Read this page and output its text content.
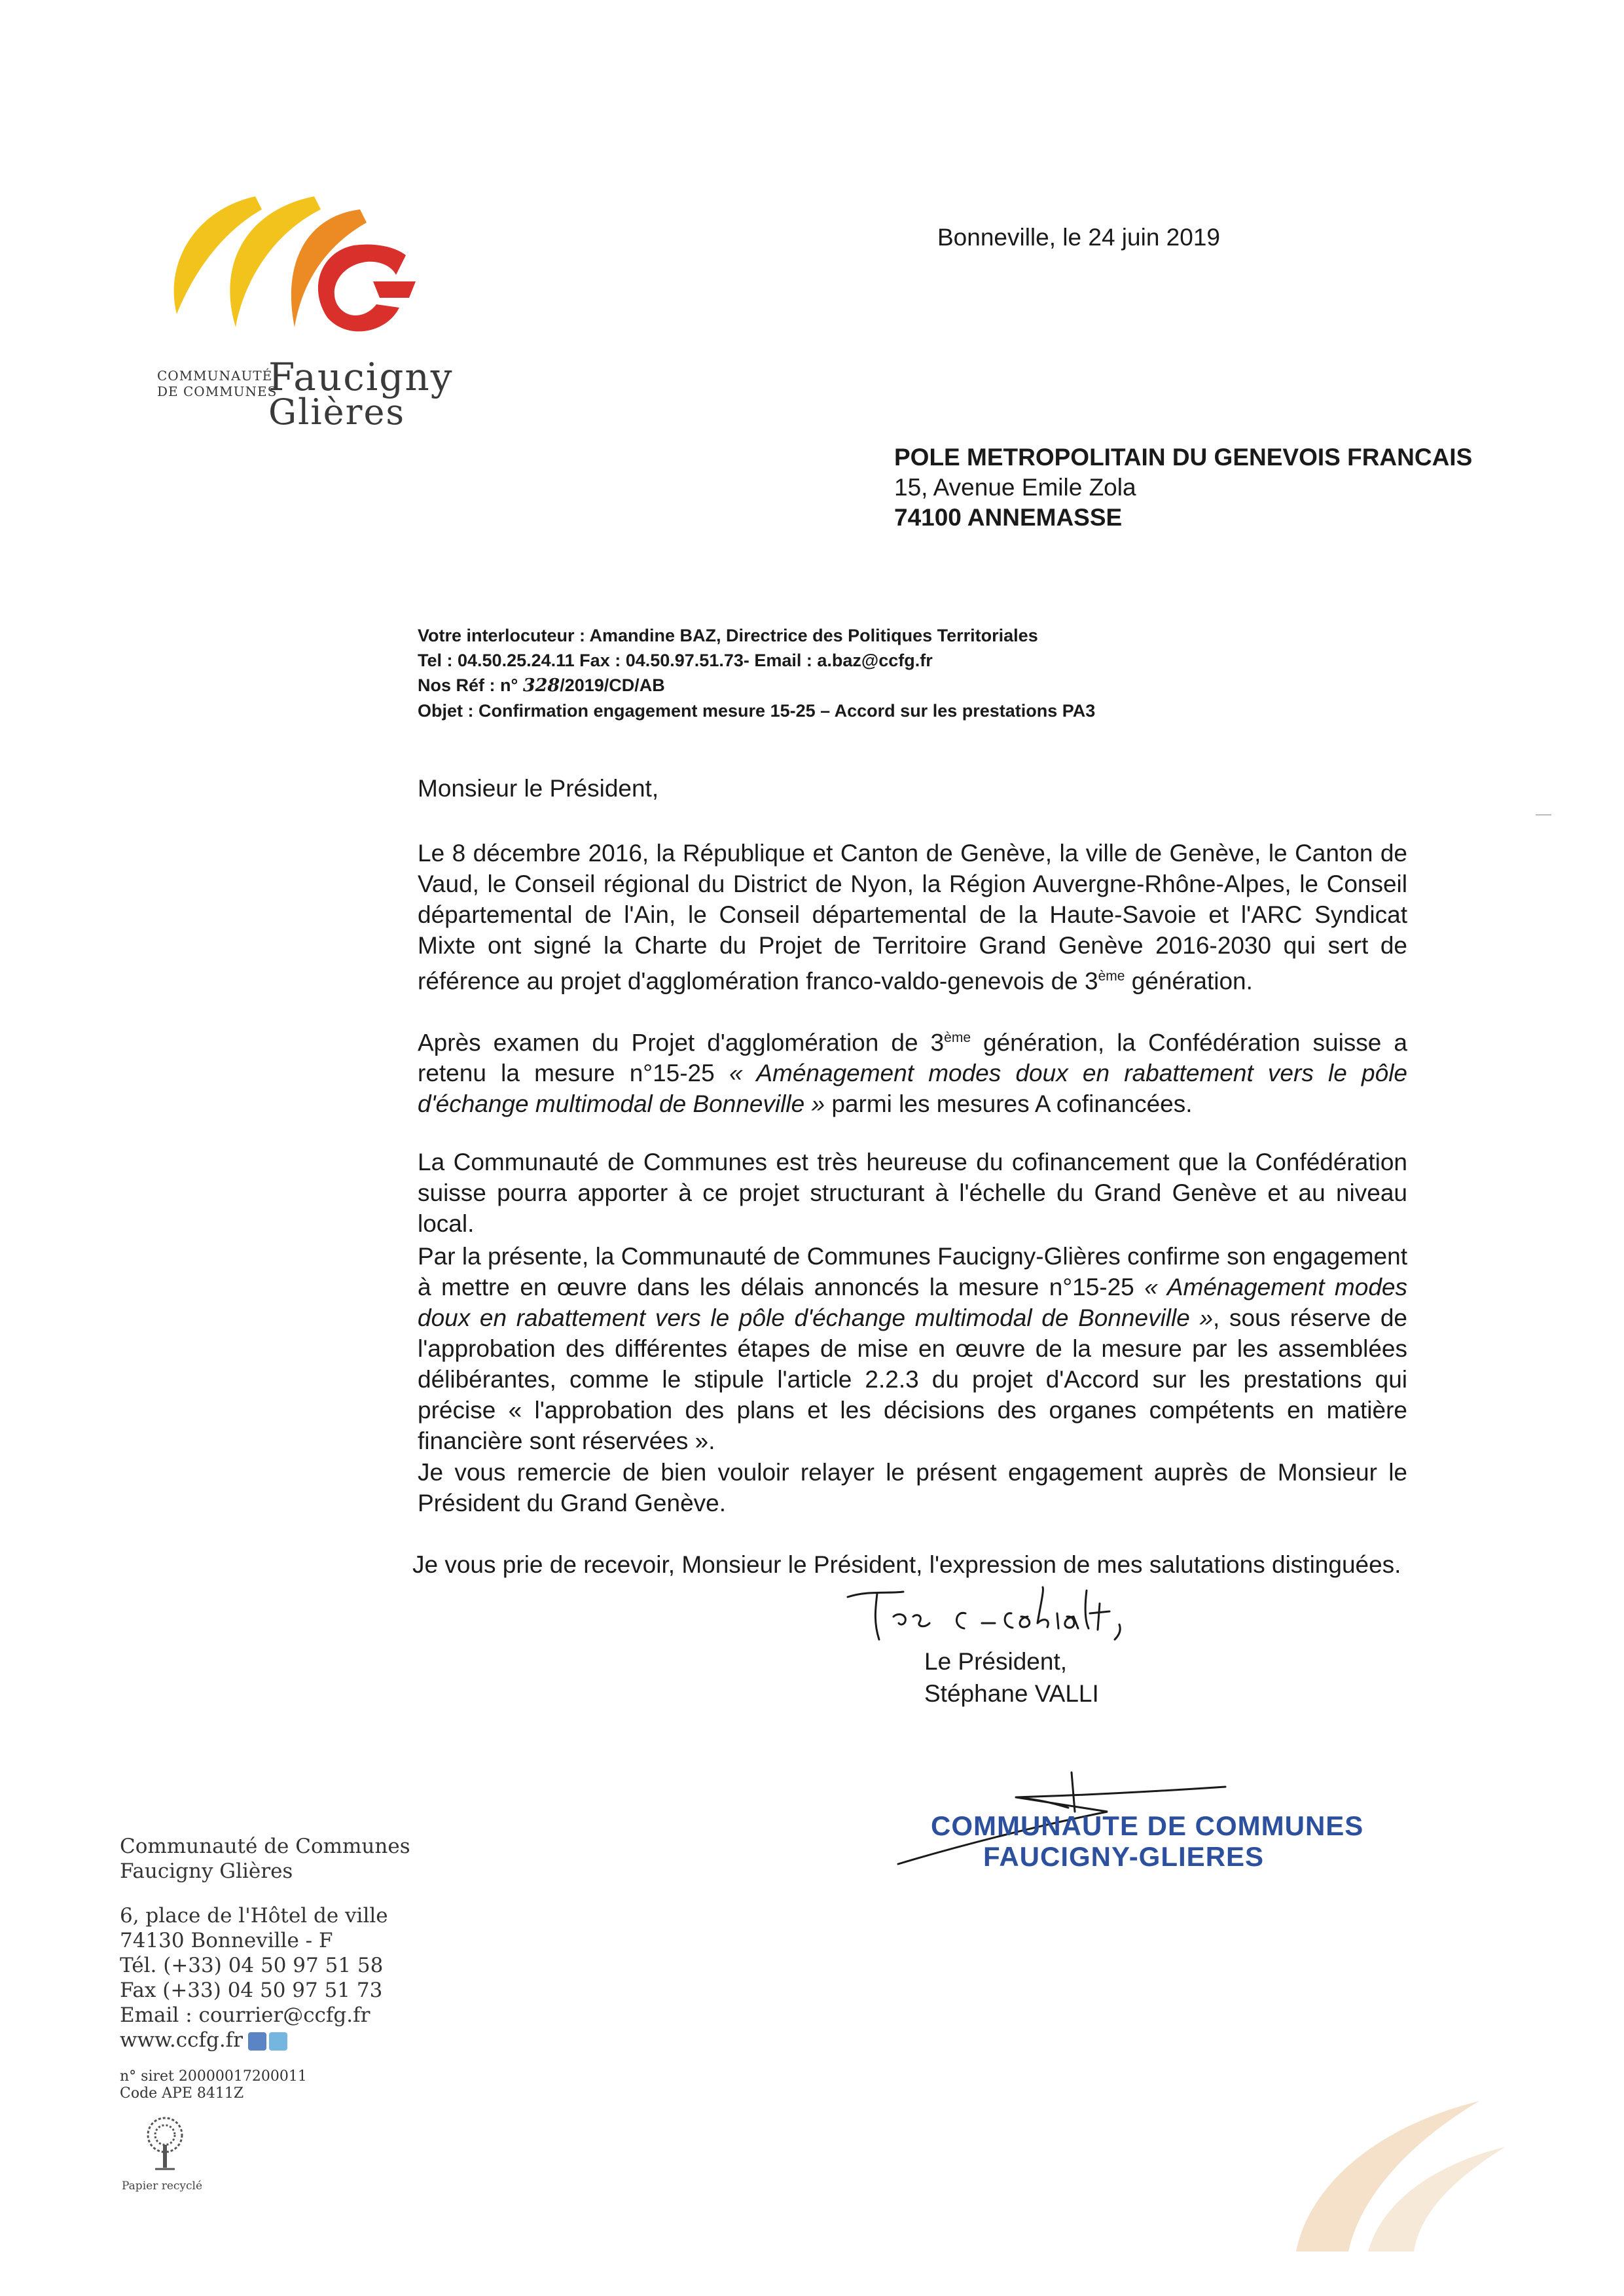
COMMUNAUTÉ
DE COMMUNES
Faucigny
Glières
Bonneville, le 24 juin 2019
POLE METROPOLITAIN DU GENEVOIS FRANCAIS
15, Avenue Emile Zola
74100 ANNEMASSE
Votre interlocuteur : Amandine BAZ, Directrice des Politiques Territoriales
Tel : 04.50.25.24.11 Fax : 04.50.97.51.73- Email : a.baz@ccfg.fr
Nos Réf : n° 328/2019/CD/AB
Objet : Confirmation engagement mesure 15-25 – Accord sur les prestations PA3
Monsieur le Président,

Le 8 décembre 2016, la République et Canton de Genève, la ville de Genève, le Canton de Vaud, le Conseil régional du District de Nyon, la Région Auvergne-Rhône-Alpes, le Conseil départemental de l'Ain, le Conseil départemental de la Haute-Savoie et l'ARC Syndicat Mixte ont signé la Charte du Projet de Territoire Grand Genève 2016-2030 qui sert de référence au projet d'agglomération franco-valdo-genevois de 3ème génération.

Après examen du Projet d'agglomération de 3ème génération, la Confédération suisse a retenu la mesure n°15-25 « Aménagement modes doux en rabattement vers le pôle d'échange multimodal de Bonneville » parmi les mesures A cofinancées.

La Communauté de Communes est très heureuse du cofinancement que la Confédération suisse pourra apporter à ce projet structurant à l'échelle du Grand Genève et au niveau local.

Par la présente, la Communauté de Communes Faucigny-Glières confirme son engagement à mettre en œuvre dans les délais annoncés la mesure n°15-25 « Aménagement modes doux en rabattement vers le pôle d'échange multimodal de Bonneville », sous réserve de l'approbation des différentes étapes de mise en œuvre de la mesure par les assemblées délibérantes, comme le stipule l'article 2.2.3 du projet d'Accord sur les prestations qui précise « l'approbation des plans et les décisions des organes compétents en matière financière sont réservées ».

Je vous remercie de bien vouloir relayer le présent engagement auprès de Monsieur le Président du Grand Genève.

Je vous prie de recevoir, Monsieur le Président, l'expression de mes salutations distinguées.
Le Président,
Stéphane VALLI
COMMUNAUTE DE COMMUNES
FAUCIGNY-GLIERES
Communauté de Communes
Faucigny Glières
6, place de l'Hôtel de ville
74130 Bonneville - F
Tél. (+33) 04 50 97 51 58
Fax (+33) 04 50 97 51 73
Email : courrier@ccfg.fr
www.ccfg.fr
n° siret 20000017200011
Code APE 8411Z
Papier recyclé
